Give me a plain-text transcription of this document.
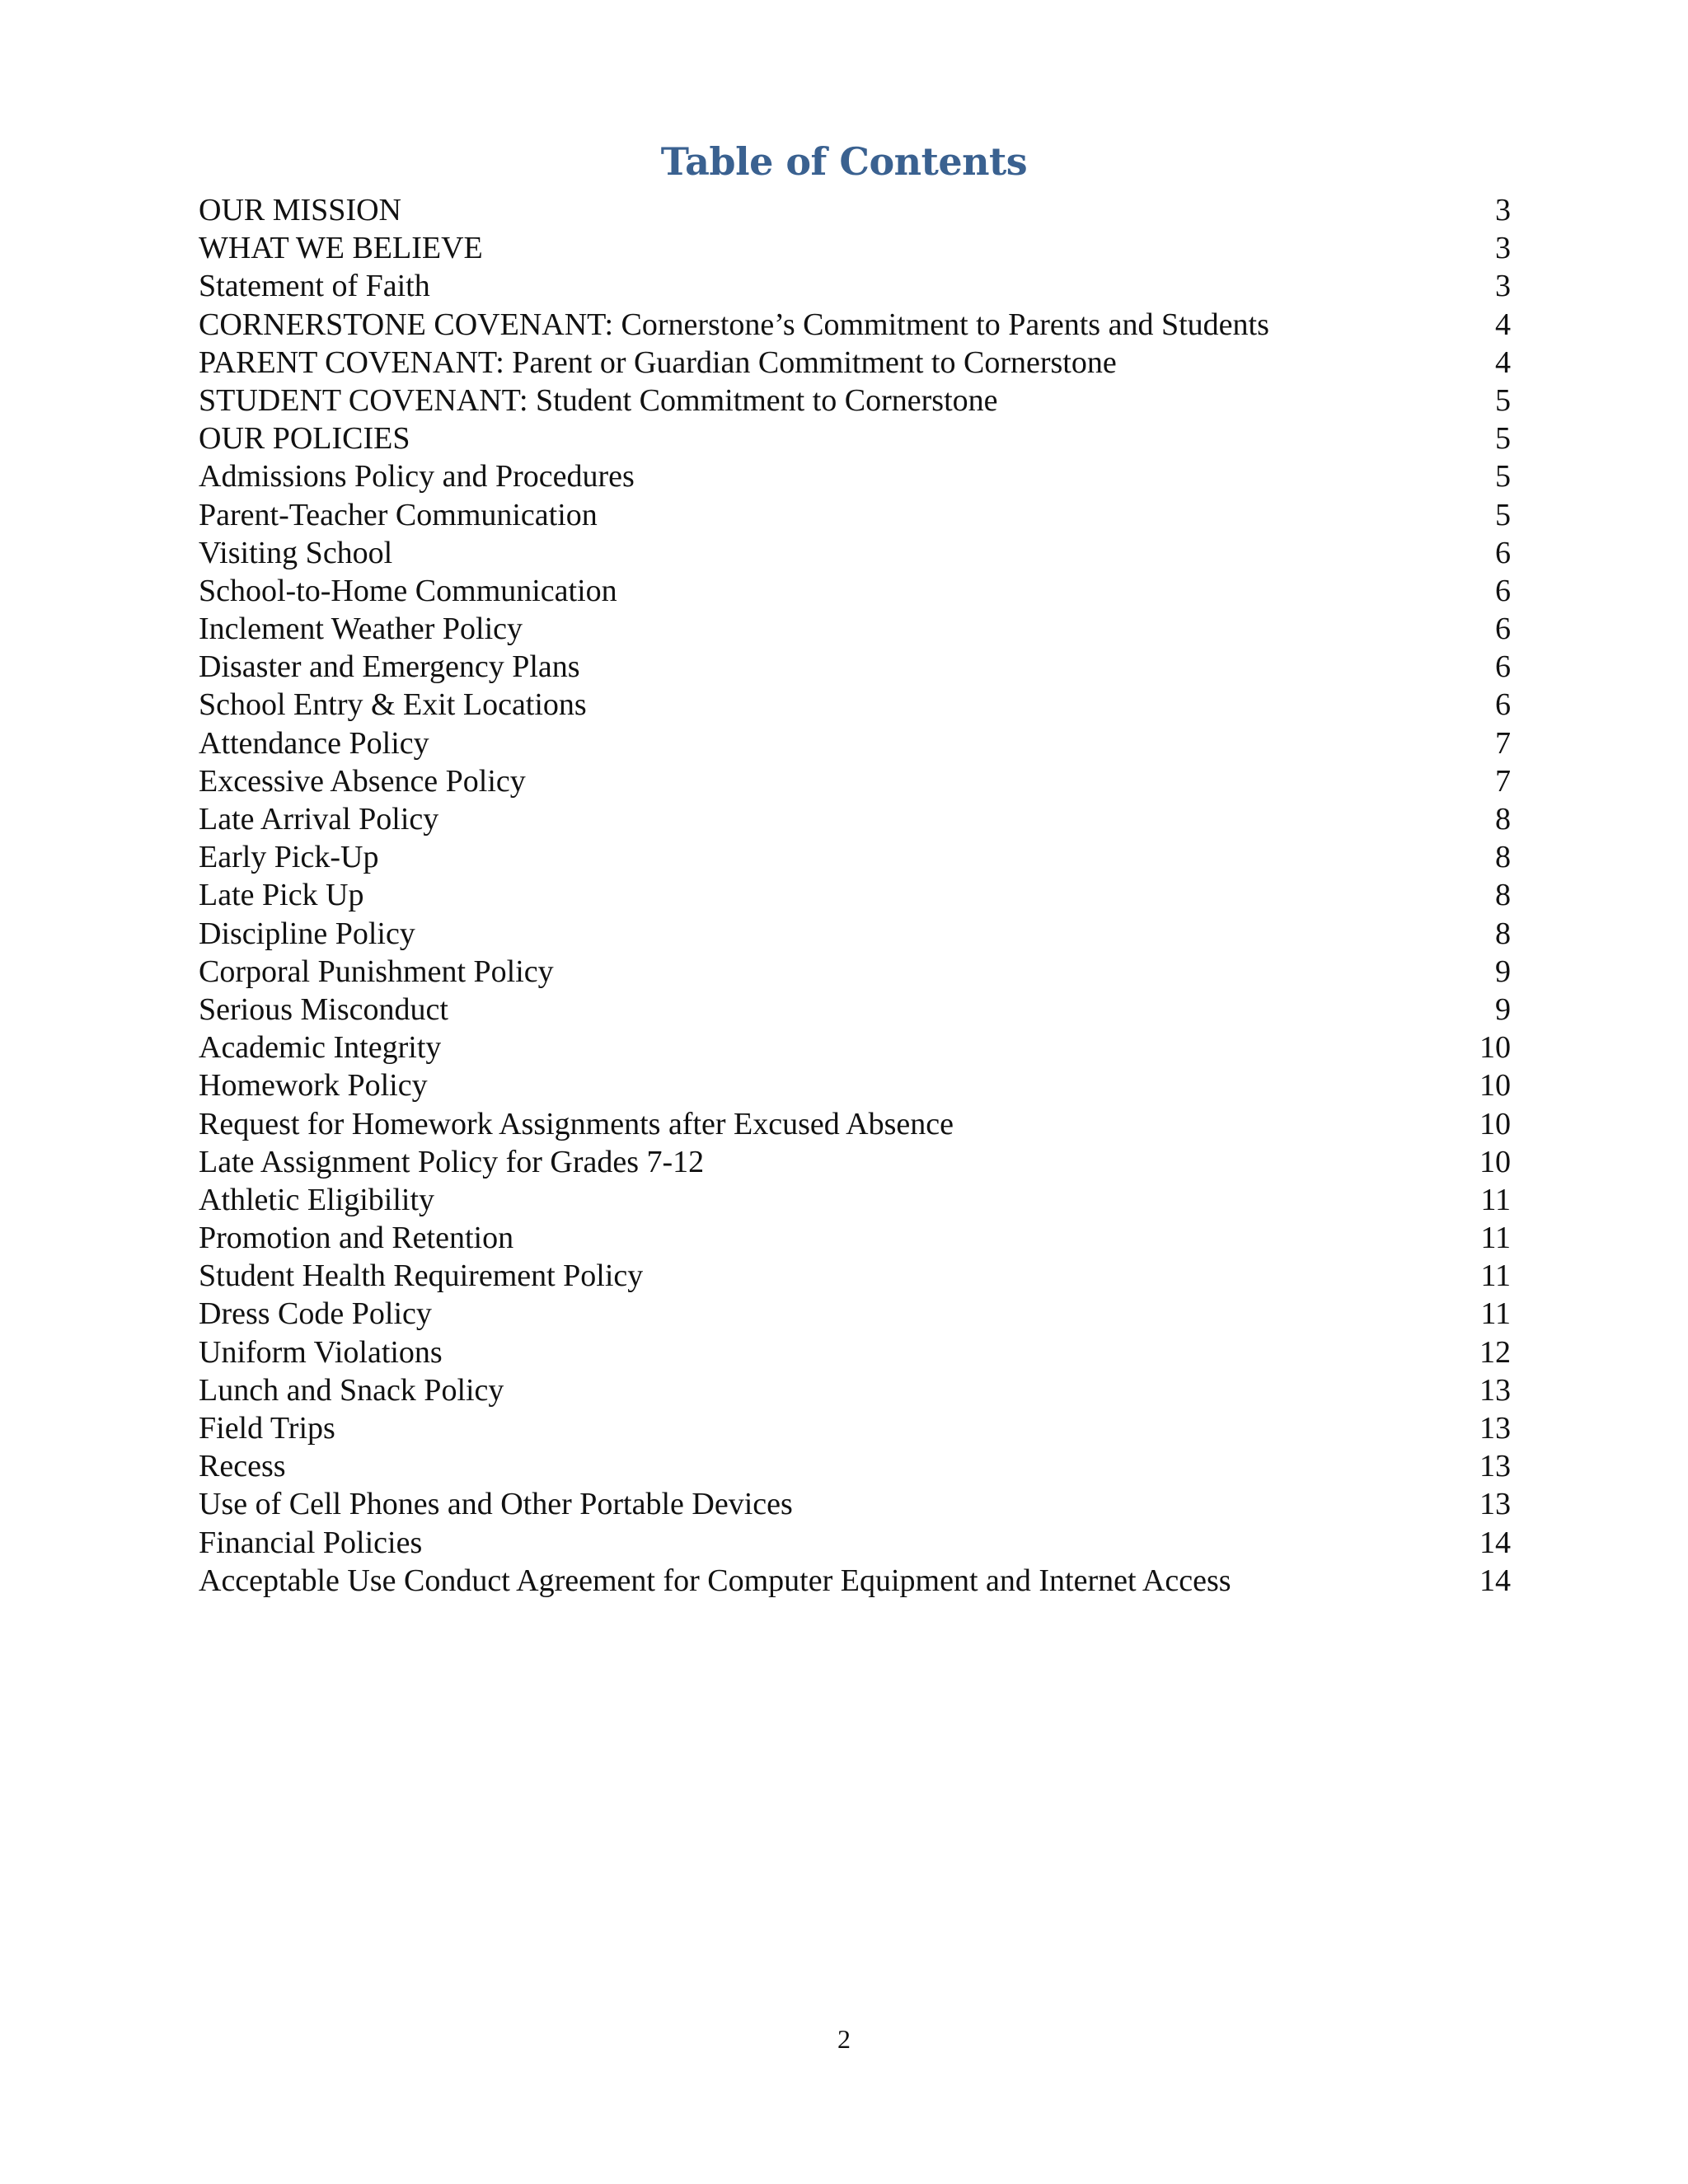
Table of Contents
OUR MISSION	3
WHAT WE BELIEVE	3
Statement of Faith	3
CORNERSTONE COVENANT: Cornerstone’s Commitment to Parents and Students	4
PARENT COVENANT: Parent or Guardian Commitment to Cornerstone	4
STUDENT COVENANT: Student Commitment to Cornerstone	5
OUR POLICIES	5
Admissions Policy and Procedures	5
Parent-Teacher Communication	5
Visiting School	6
School-to-Home Communication	6
Inclement Weather Policy	6
Disaster and Emergency Plans	6
School Entry & Exit Locations	6
Attendance Policy	7
Excessive Absence Policy	7
Late Arrival Policy	8
Early Pick-Up	8
Late Pick Up	8
Discipline Policy	8
Corporal Punishment Policy	9
Serious Misconduct	9
Academic Integrity	10
Homework Policy	10
Request for Homework Assignments after Excused Absence	10
Late Assignment Policy for Grades 7-12	10
Athletic Eligibility	11
Promotion and Retention	11
Student Health Requirement Policy	11
Dress Code Policy	11
Uniform Violations	12
Lunch and Snack Policy	13
Field Trips	13
Recess	13
Use of Cell Phones and Other Portable Devices	13
Financial Policies	14
Acceptable Use Conduct Agreement for Computer Equipment and Internet Access	14
2
